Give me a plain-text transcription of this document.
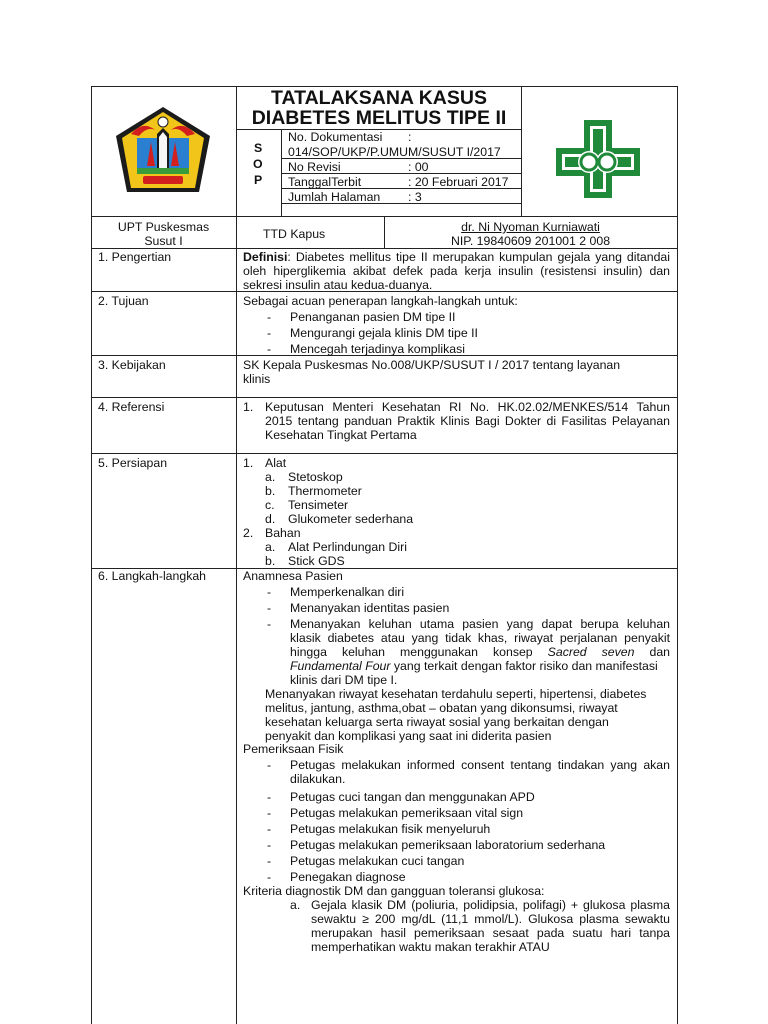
TATALAKSANA KASUS
DIABETES MELITUS TIPE II
S
O
P
No. Dokumentasi :
014/SOP/UKP/P.UMUM/SUSUT I/2017
No Revisi	: 00
TanggalTerbit	: 20 Februari 2017
Jumlah Halaman : 3
UPT Puskesmas
Susut I	TTD Kapus	dr. Ni Nyoman Kurniawati
NIP. 19840609 201001 2 008
1. Pengertian	Definisi: Diabetes mellitus tipe II merupakan kumpulan gejala yang ditandai
oleh hiperglikemia akibat defek pada kerja insulin (resistensi insulin) dan
sekresi insulin atau kedua-duanya.
2. Tujuan	Sebagai acuan penerapan langkah-langkah untuk:
- Penanganan pasien DM tipe II
- Mengurangi gejala klinis DM tipe II
- Mencegah terjadinya komplikasi
3. Kebijakan	SK Kepala Puskesmas No.008/UKP/SUSUT I / 2017 tentang layanan
klinis
4. Referensi	1. Keputusan Menteri Kesehatan RI No. HK.02.02/MENKES/514 Tahun
2015 tentang panduan Praktik Klinis Bagi Dokter di Fasilitas Pelayanan
Kesehatan Tingkat Pertama
5. Persiapan	1. Alat
a. Stetoskop
b. Thermometer
c. Tensimeter
d. Glukometer sederhana
2. Bahan
a. Alat Perlindungan Diri
b. Stick GDS
6. Langkah-langkah	Anamnesa Pasien
- Memperkenalkan diri
- Menanyakan identitas pasien
- Menanyakan keluhan utama pasien yang dapat berupa keluhan
klasik diabetes atau yang tidak khas, riwayat perjalanan penyakit
hingga keluhan menggunakan konsep Sacred seven dan
Fundamental Four yang terkait dengan faktor risiko dan manifestasi
klinis dari DM tipe I.
Menanyakan riwayat kesehatan terdahulu seperti, hipertensi, diabetes
melitus, jantung, asthma,obat – obatan yang dikonsumsi, riwayat
kesehatan keluarga serta riwayat sosial yang berkaitan dengan
penyakit dan komplikasi yang saat ini diderita pasien
Pemeriksaan Fisik
- Petugas melakukan informed consent tentang tindakan yang akan
dilakukan.
- Petugas cuci tangan dan menggunakan APD
- Petugas melakukan pemeriksaan vital sign
- Petugas melakukan fisik menyeluruh
- Petugas melakukan pemeriksaan laboratorium sederhana
- Petugas melakukan cuci tangan
- Penegakan diagnose
Kriteria diagnostik DM dan gangguan toleransi glukosa:
a. Gejala klasik DM (poliuria, polidipsia, polifagi) + glukosa plasma
sewaktu ≥ 200 mg/dL (11,1 mmol/L). Glukosa plasma sewaktu
merupakan hasil pemeriksaan sesaat pada suatu hari tanpa
memperhatikan waktu makan terakhir ATAU
